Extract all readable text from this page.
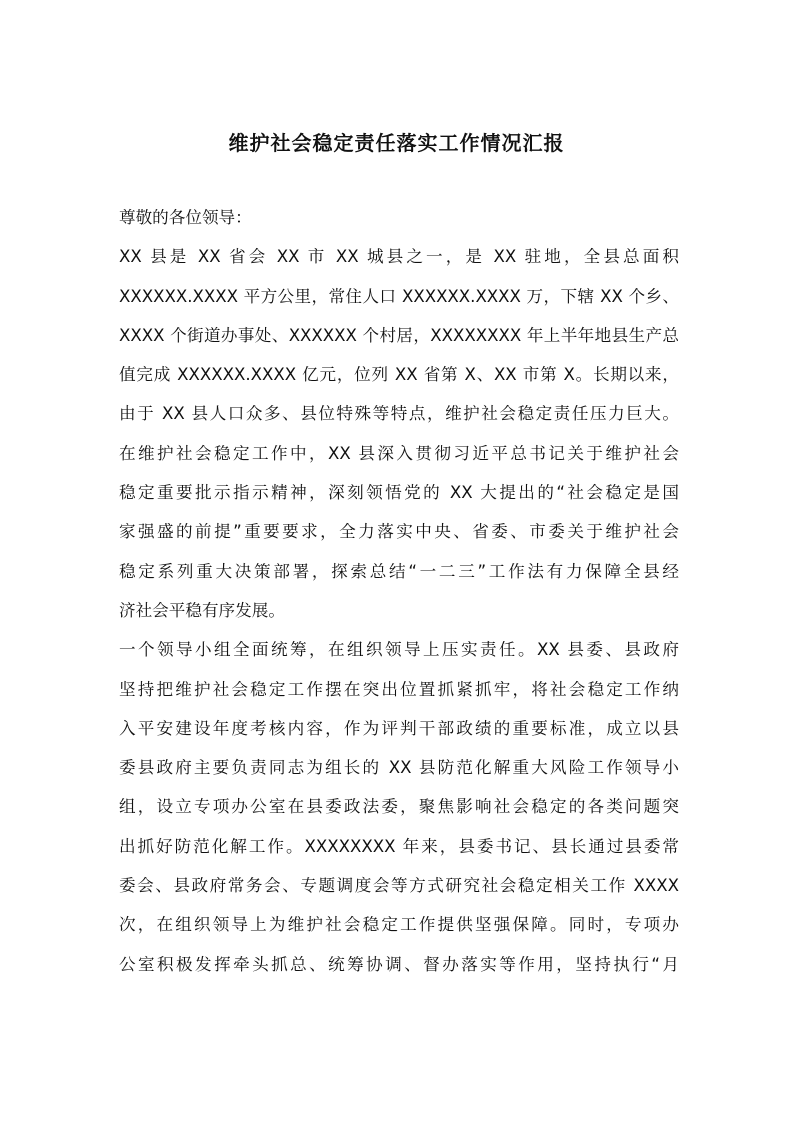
维护社会稳定责任落实工作情况汇报
尊敬的各位领导：
XX 县是 XX 省会 XX 市 XX 城县之一，是 XX 驻地，全县总面积
XXXXXX.XXXX 平方公里，常住人口 XXXXXX.XXXX 万，下辖 XX 个乡、
XXXX 个街道办事处、XXXXXX 个村居，XXXXXXXX 年上半年地县生产总
值完成 XXXXXX.XXXX 亿元，位列 XX 省第 X、XX 市第 X。长期以来，
由于 XX 县人口众多、县位特殊等特点，维护社会稳定责任压力巨大。
在维护社会稳定工作中，XX 县深入贯彻习近平总书记关于维护社会
稳定重要批示指示精神，深刻领悟党的 XX 大提出的“社会稳定是国
家强盛的前提”重要要求，全力落实中央、省委、市委关于维护社会
稳定系列重大决策部署，探索总结“一二三”工作法有力保障全县经
济社会平稳有序发展。
一个领导小组全面统筹，在组织领导上压实责任。XX 县委、县政府
坚持把维护社会稳定工作摆在突出位置抓紧抓牢，将社会稳定工作纳
入平安建设年度考核内容，作为评判干部政绩的重要标准，成立以县
委县政府主要负责同志为组长的 XX 县防范化解重大风险工作领导小
组，设立专项办公室在县委政法委，聚焦影响社会稳定的各类问题突
出抓好防范化解工作。XXXXXXXX 年来，县委书记、县长通过县委常
委会、县政府常务会、专题调度会等方式研究社会稳定相关工作 XXXX
次，在组织领导上为维护社会稳定工作提供坚强保障。同时，专项办
公室积极发挥牵头抓总、统筹协调、督办落实等作用，坚持执行“月
